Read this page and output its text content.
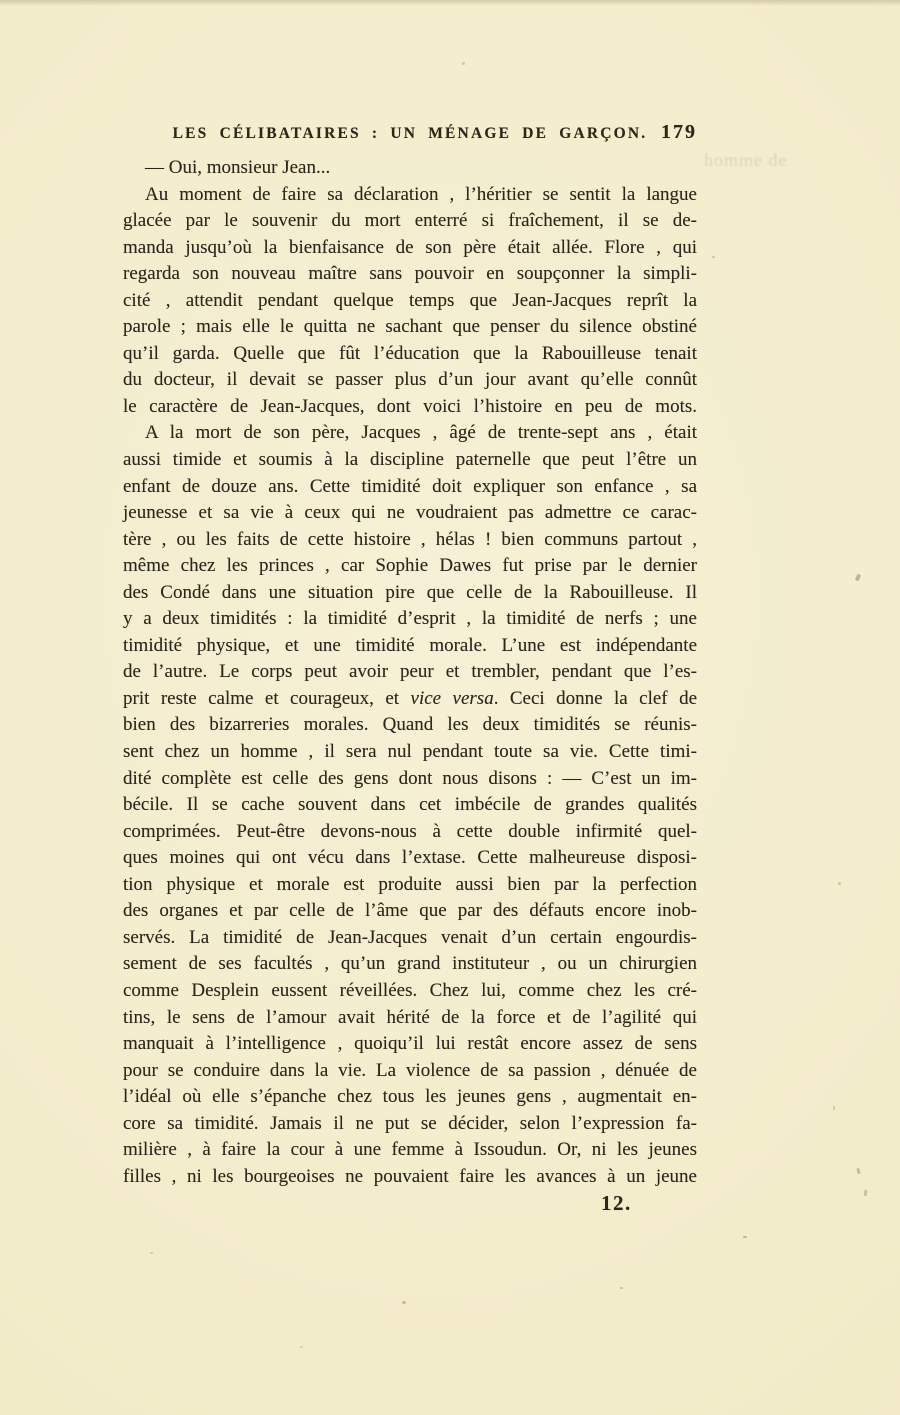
homme de
LES CÉLIBATAIRES : UN MÉNAGE DE GARÇON. 179
— Oui, monsieur Jean...
Au moment de faire sa déclaration , l’héritier se sentit la langue
glacée par le souvenir du mort enterré si fraîchement, il se de-
manda jusqu’où la bienfaisance de son père était allée. Flore , qui
regarda son nouveau maître sans pouvoir en soupçonner la simpli-
cité , attendit pendant quelque temps que Jean-Jacques reprît la
parole ; mais elle le quitta ne sachant que penser du silence obstiné
qu’il garda. Quelle que fût l’éducation que la Rabouilleuse tenait
du docteur, il devait se passer plus d’un jour avant qu’elle connût
le caractère de Jean-Jacques, dont voici l’histoire en peu de mots.
A la mort de son père, Jacques , âgé de trente-sept ans , était
aussi timide et soumis à la discipline paternelle que peut l’être un
enfant de douze ans. Cette timidité doit expliquer son enfance , sa
jeunesse et sa vie à ceux qui ne voudraient pas admettre ce carac-
tère , ou les faits de cette histoire , hélas ! bien communs partout ,
même chez les princes , car Sophie Dawes fut prise par le dernier
des Condé dans une situation pire que celle de la Rabouilleuse. Il
y a deux timidités : la timidité d’esprit , la timidité de nerfs ; une
timidité physique, et une timidité morale. L’une est indépendante
de l’autre. Le corps peut avoir peur et trembler, pendant que l’es-
prit reste calme et courageux, et vice versa. Ceci donne la clef de
bien des bizarreries morales. Quand les deux timidités se réunis-
sent chez un homme , il sera nul pendant toute sa vie. Cette timi-
dité complète est celle des gens dont nous disons : — C’est un im-
bécile. Il se cache souvent dans cet imbécile de grandes qualités
comprimées. Peut-être devons-nous à cette double infirmité quel-
ques moines qui ont vécu dans l’extase. Cette malheureuse disposi-
tion physique et morale est produite aussi bien par la perfection
des organes et par celle de l’âme que par des défauts encore inob-
servés. La timidité de Jean-Jacques venait d’un certain engourdis-
sement de ses facultés , qu’un grand instituteur , ou un chirurgien
comme Desplein eussent réveillées. Chez lui, comme chez les cré-
tins, le sens de l’amour avait hérité de la force et de l’agilité qui
manquait à l’intelligence , quoiqu’il lui restât encore assez de sens
pour se conduire dans la vie. La violence de sa passion , dénuée de
l’idéal où elle s’épanche chez tous les jeunes gens , augmentait en-
core sa timidité. Jamais il ne put se décider, selon l’expression fa-
milière , à faire la cour à une femme à Issoudun. Or, ni les jeunes
filles , ni les bourgeoises ne pouvaient faire les avances à un jeune
12.
